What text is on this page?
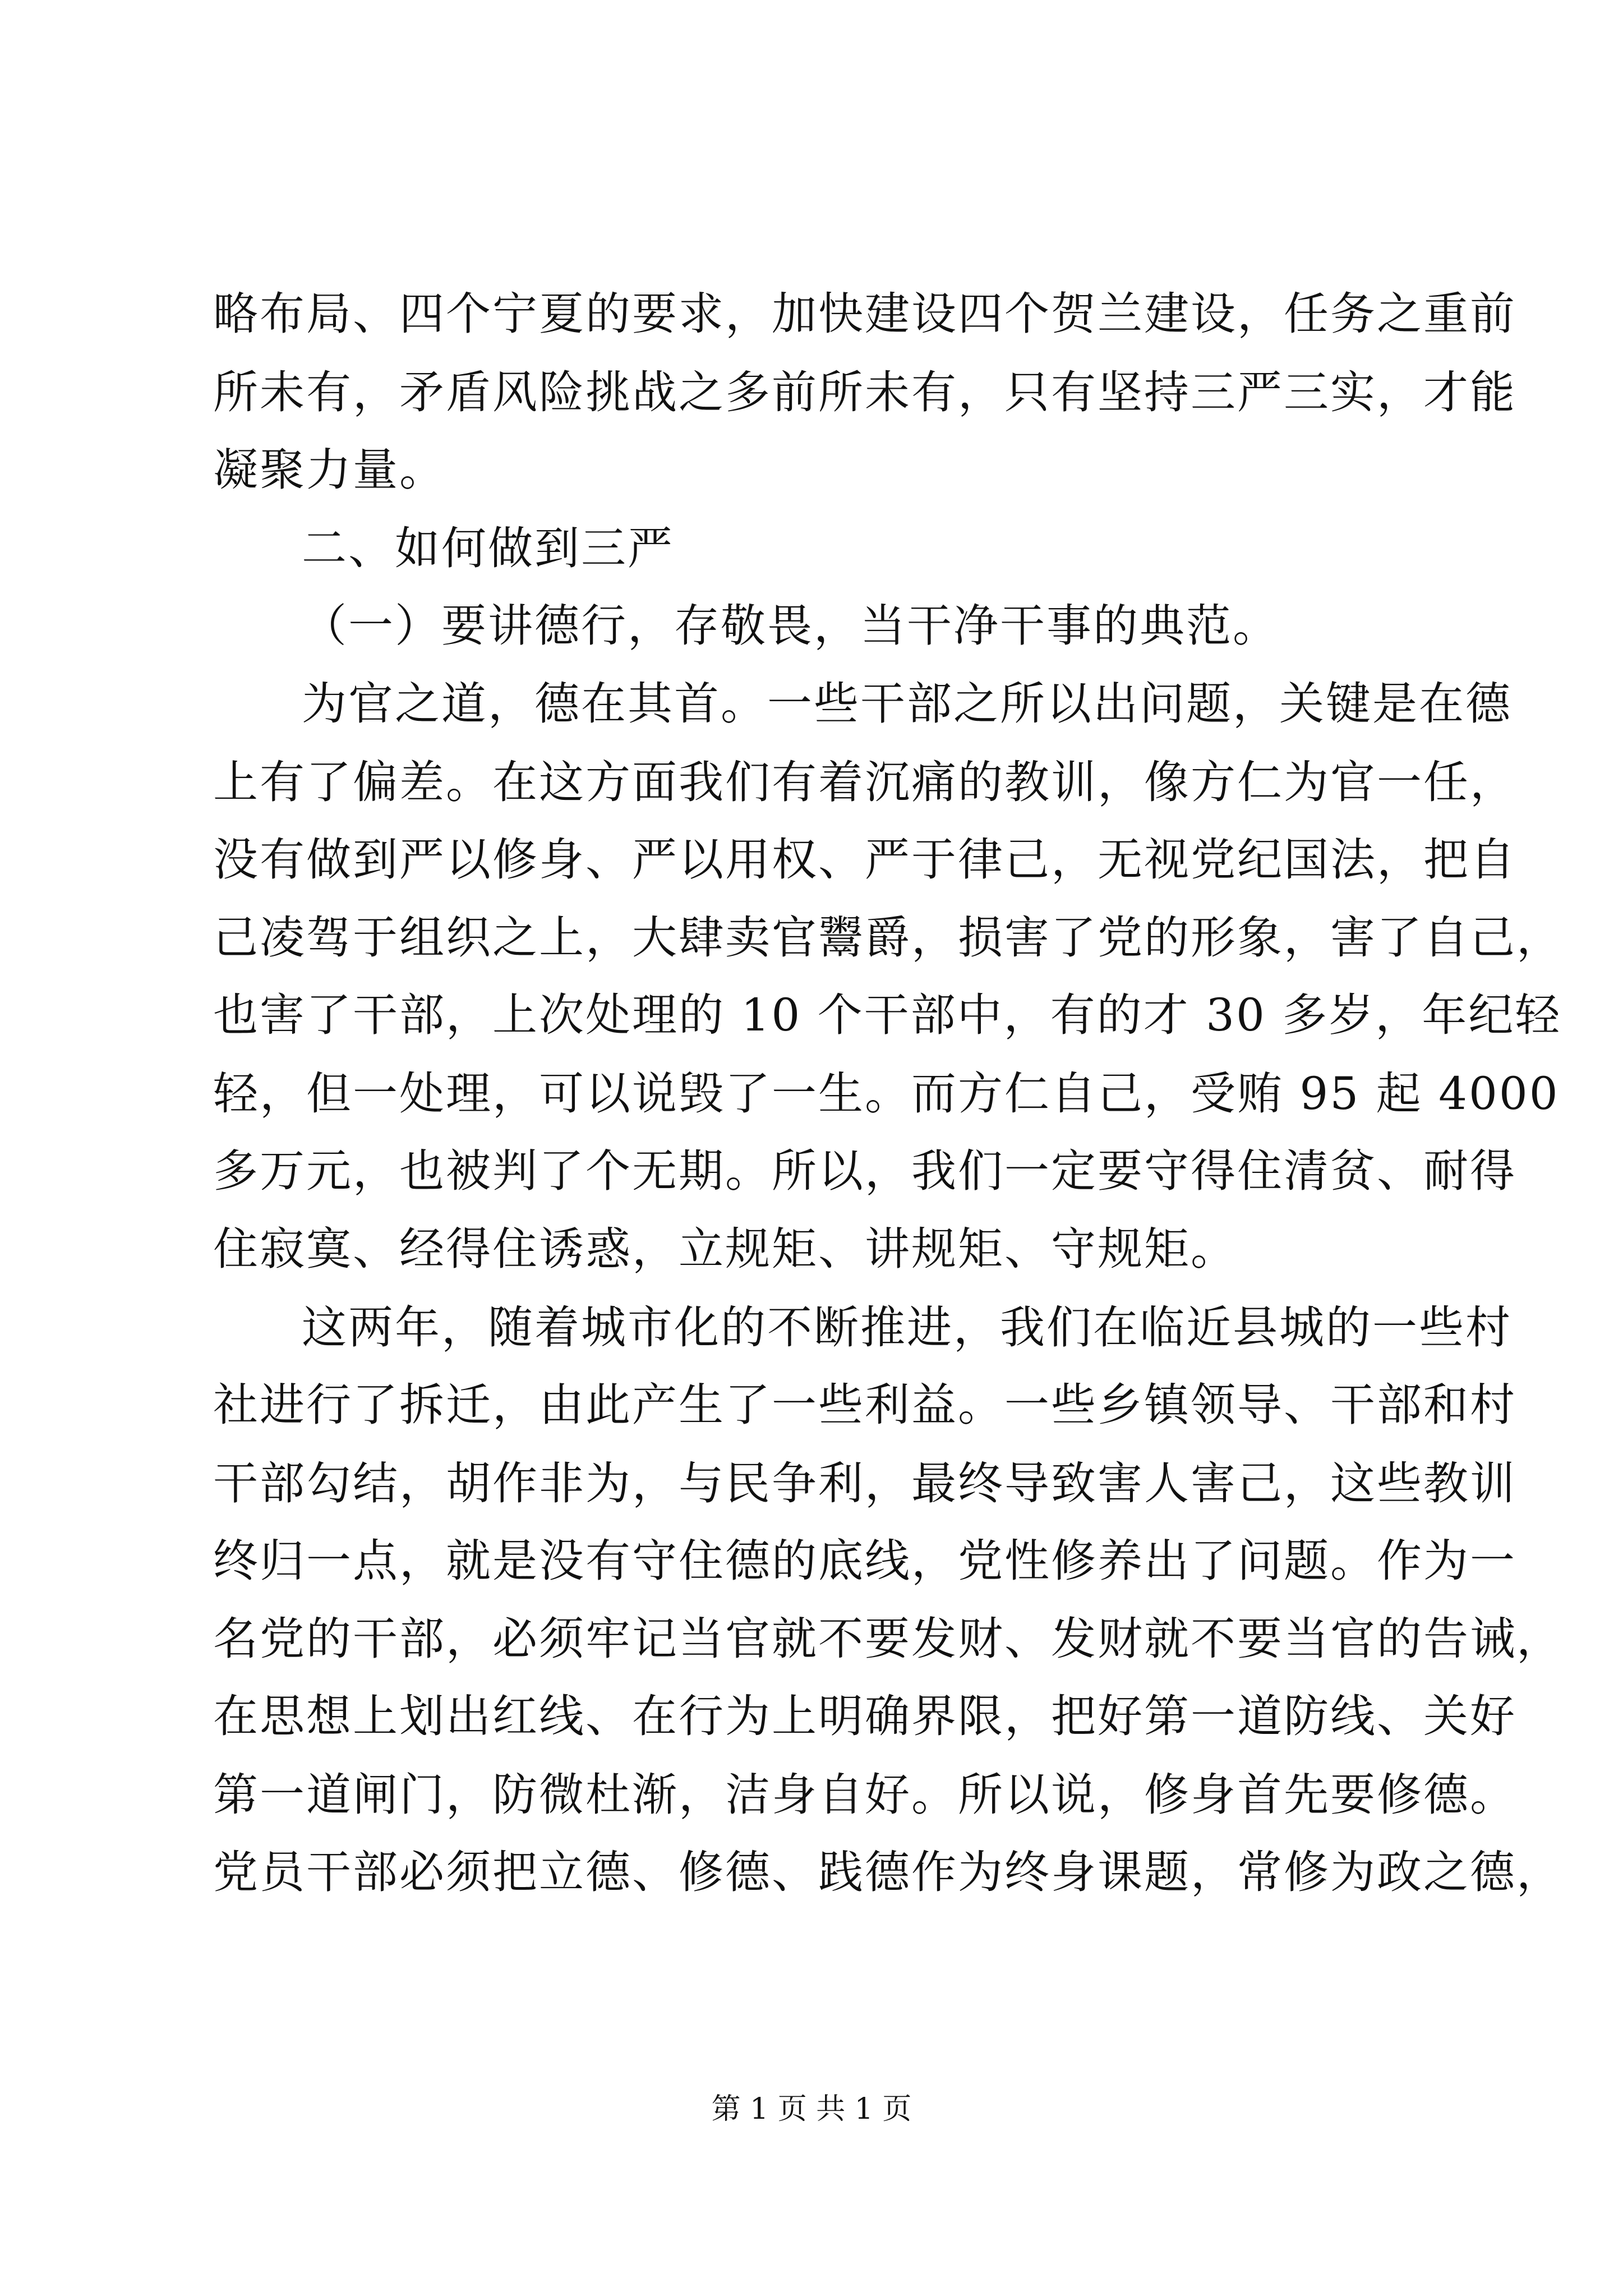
略布局、四个宁夏的要求，加快建设四个贺兰建设，任务之重前
所未有，矛盾风险挑战之多前所未有，只有坚持三严三实，才能
凝聚力量。
二、如何做到三严
（一）要讲德行，存敬畏，当干净干事的典范。
为官之道，德在其首。一些干部之所以出问题，关键是在德
上有了偏差。在这方面我们有着沉痛的教训，像方仁为官一任，
没有做到严以修身、严以用权、严于律己，无视党纪国法，把自
己凌驾于组织之上，大肆卖官鬻爵，损害了党的形象，害了自己，
也害了干部，上次处理的 10 个干部中，有的才 30 多岁，年纪轻
轻，但一处理，可以说毁了一生。而方仁自己，受贿 95 起 4000
多万元，也被判了个无期。所以，我们一定要守得住清贫、耐得
住寂寞、经得住诱惑，立规矩、讲规矩、守规矩。
这两年，随着城市化的不断推进，我们在临近县城的一些村
社进行了拆迁，由此产生了一些利益。一些乡镇领导、干部和村
干部勾结，胡作非为，与民争利，最终导致害人害己，这些教训
终归一点，就是没有守住德的底线，党性修养出了问题。作为一
名党的干部，必须牢记当官就不要发财、发财就不要当官的告诫，
在思想上划出红线、在行为上明确界限，把好第一道防线、关好
第一道闸门，防微杜渐，洁身自好。所以说，修身首先要修德。
党员干部必须把立德、修德、践德作为终身课题，常修为政之德，
第 1 页 共 1 页
